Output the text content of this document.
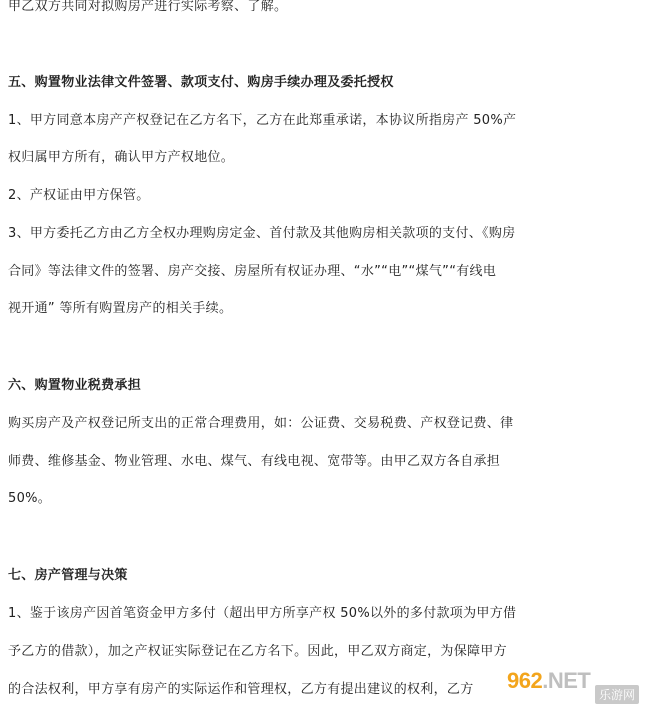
甲乙双方共同对拟购房产进行实际考察、了解。
五、购置物业法律文件签署、款项支付、购房手续办理及委托授权
1、甲方同意本房产产权登记在乙方名下，乙方在此郑重承诺，本协议所指房产 50%产
权归属甲方所有，确认甲方产权地位。
2、产权证由甲方保管。
3、甲方委托乙方由乙方全权办理购房定金、首付款及其他购房相关款项的支付、《购房
合同》等法律文件的签署、房产交接、房屋所有权证办理、“水”“电”“煤气”“有线电
视开通” 等所有购置房产的相关手续。
六、购置物业税费承担
购买房产及产权登记所支出的正常合理费用，如：公证费、交易税费、产权登记费、律
师费、维修基金、物业管理、水电、煤气、有线电视、宽带等。由甲乙双方各自承担
50%。
七、房产管理与决策
1、鉴于该房产因首笔资金甲方多付（超出甲方所享产权 50%以外的多付款项为甲方借
予乙方的借款），加之产权证实际登记在乙方名下。因此，甲乙双方商定，为保障甲方
的合法权利，甲方享有房产的实际运作和管理权，乙方有提出建议的权利，乙方 962.NET
乐游网
